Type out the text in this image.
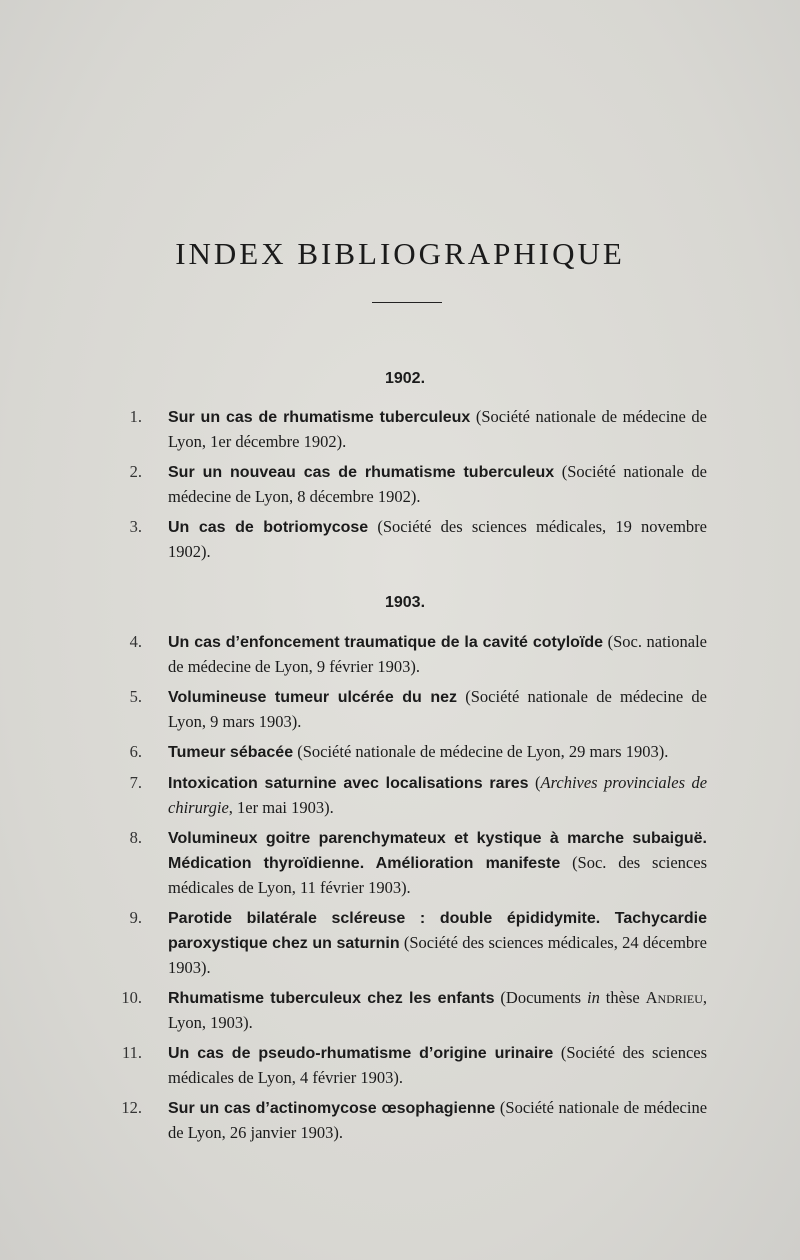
INDEX BIBLIOGRAPHIQUE
1902.
1. Sur un cas de rhumatisme tuberculeux (Société nationale de médecine de Lyon, 1er décembre 1902).
2. Sur un nouveau cas de rhumatisme tuberculeux (Société nationale de médecine de Lyon, 8 décembre 1902).
3. Un cas de botriomycose (Société des sciences médicales, 19 novembre 1902).
1903.
4. Un cas d’enfoncement traumatique de la cavité cotyloïde (Soc. nationale de médecine de Lyon, 9 février 1903).
5. Volumineuse tumeur ulcérée du nez (Société nationale de médecine de Lyon, 9 mars 1903).
6. Tumeur sébacée (Société nationale de médecine de Lyon, 29 mars 1903).
7. Intoxication saturnine avec localisations rares (Archives provinciales de chirurgie, 1er mai 1903).
8. Volumineux goitre parenchymateux et kystique à marche subaiguë. Médication thyroïdienne. Amélioration manifeste (Soc. des sciences médicales de Lyon, 11 février 1903).
9. Parotide bilatérale scléreuse : double épididymite. Tachycardie paroxystique chez un saturnin (Société des sciences médicales, 24 décembre 1903).
10. Rhumatisme tuberculeux chez les enfants (Documents in thèse Andrieu, Lyon, 1903).
11. Un cas de pseudo-rhumatisme d’origine urinaire (Société des sciences médicales de Lyon, 4 février 1903).
12. Sur un cas d’actinomycose œsophagienne (Société nationale de médecine de Lyon, 26 janvier 1903).
